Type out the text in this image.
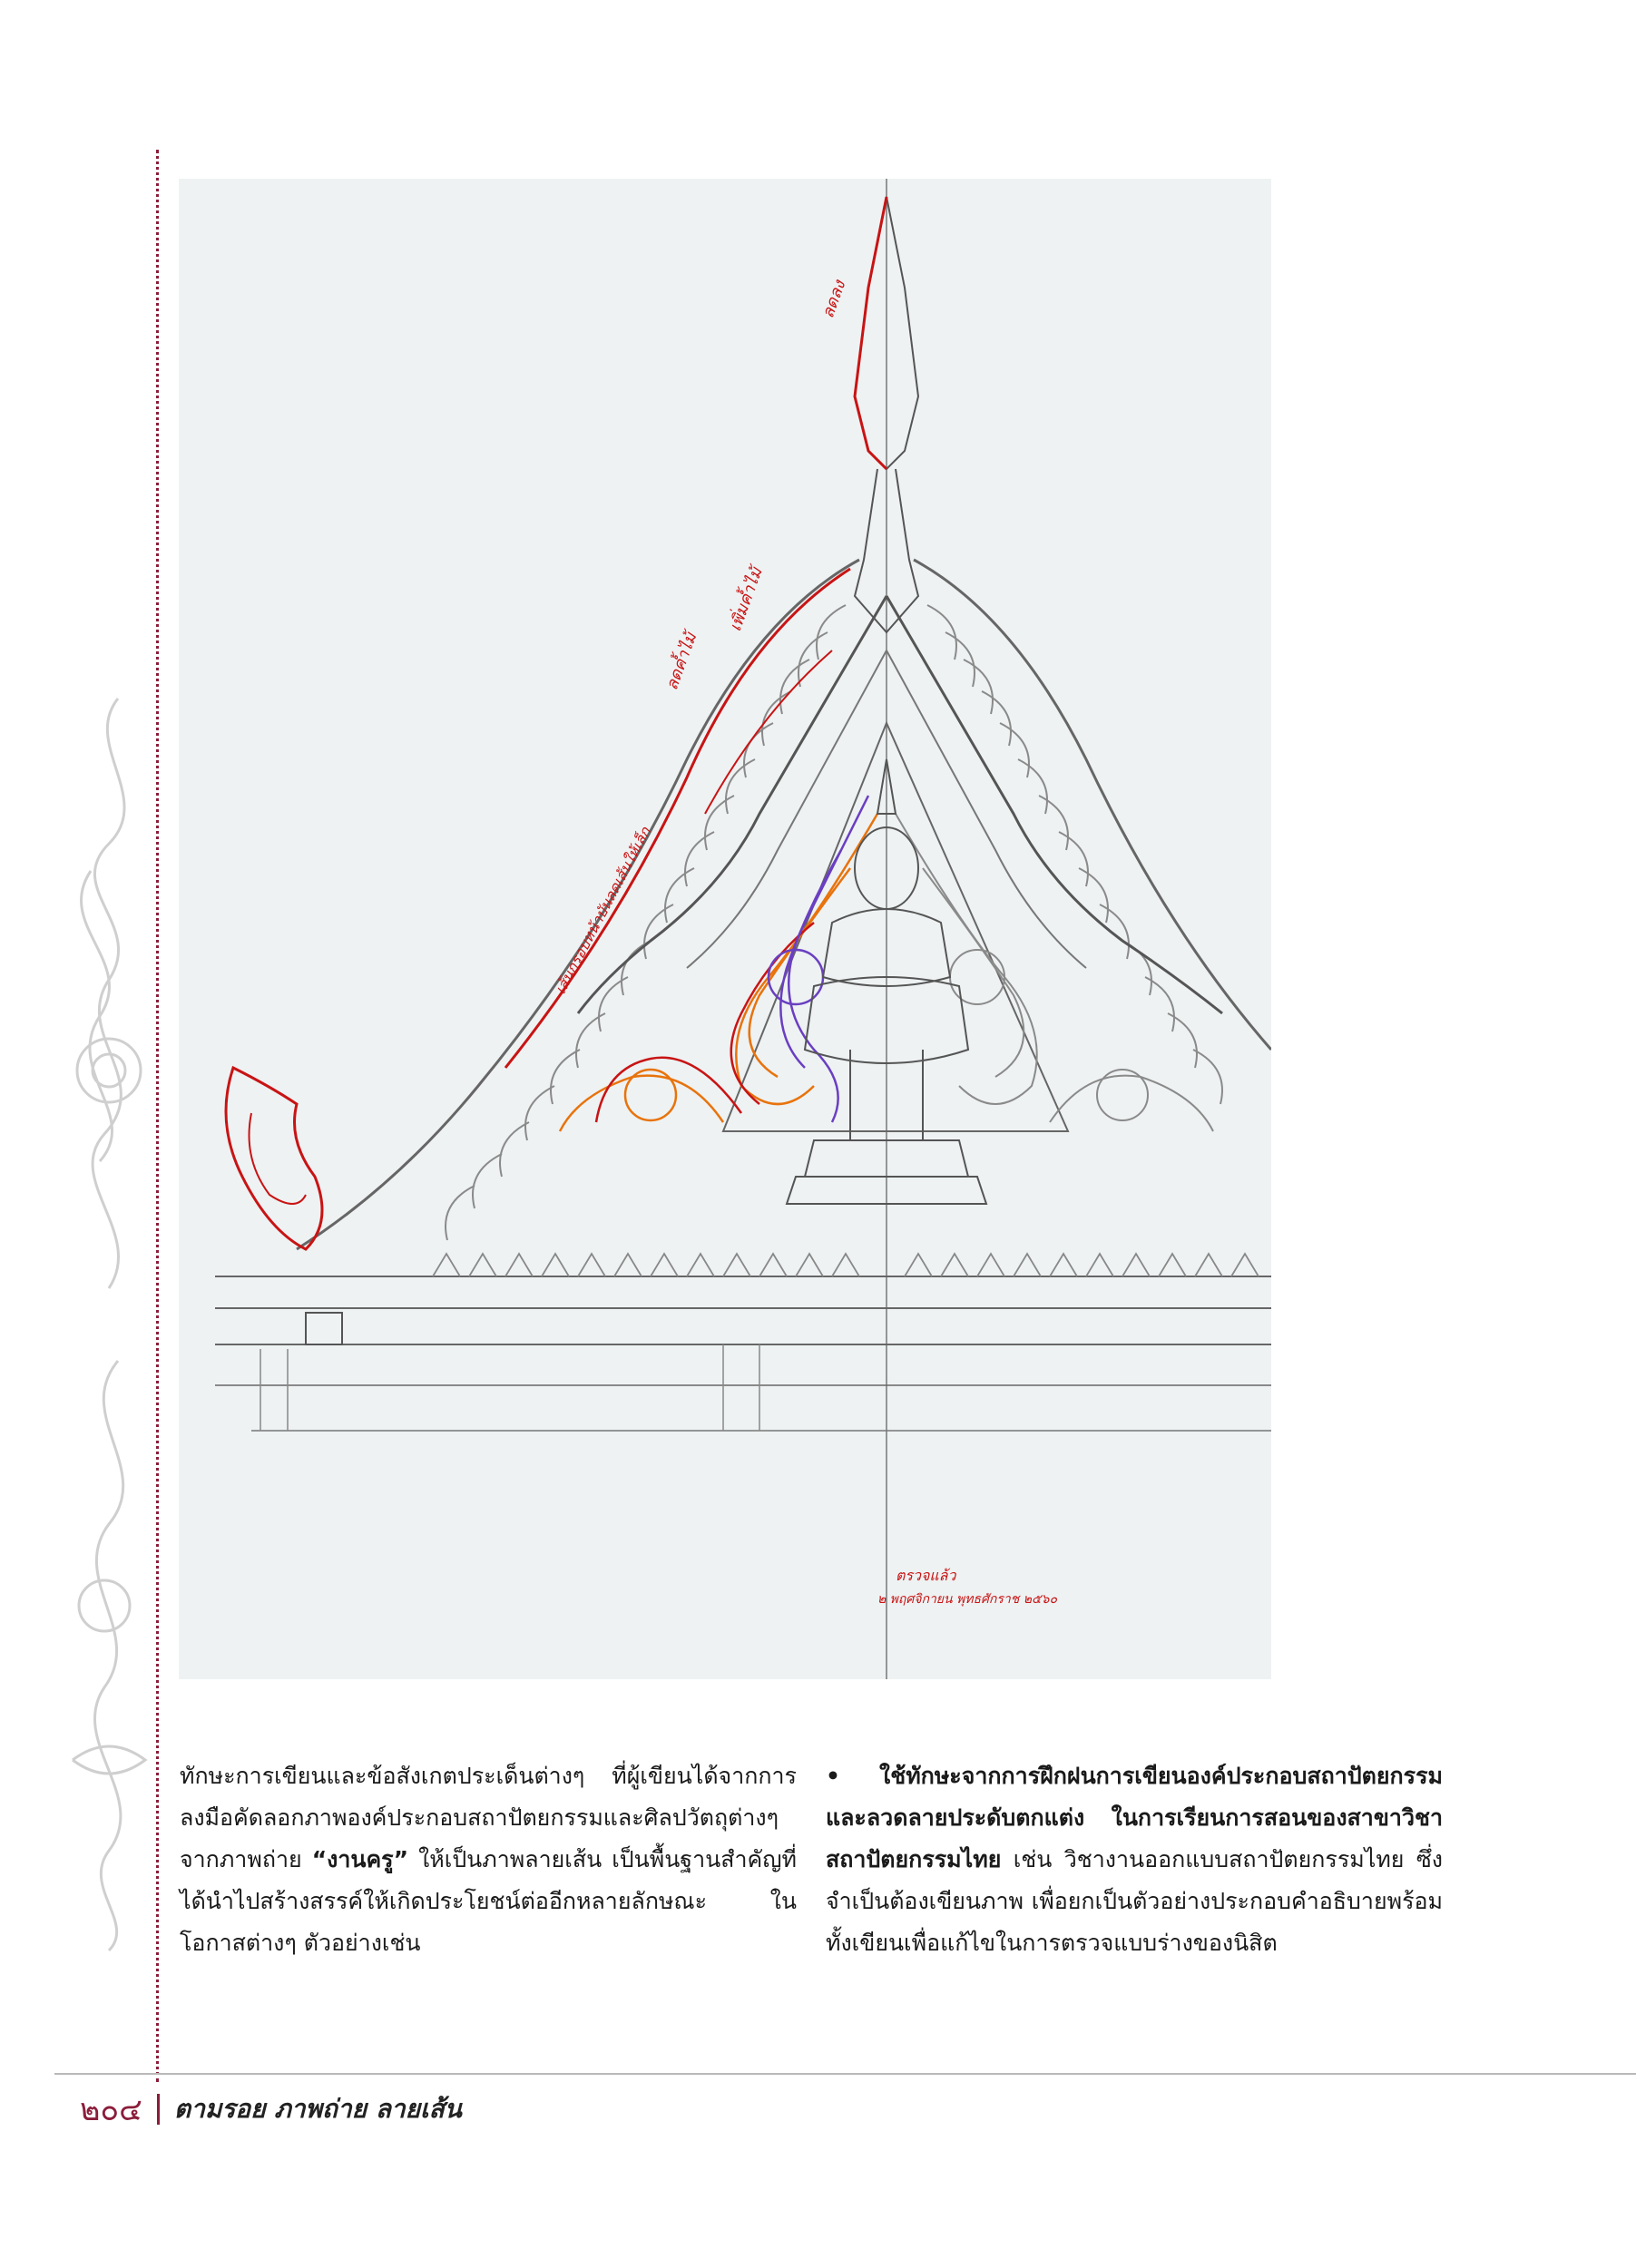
ลดลง
ลดค้ำไม้
เพิ่มค้ำไม้
เส้นกรอบหน้าบันลดเส้นให้เล็ก
ตรวจแล้ว
๒ พฤศจิกายน พุทธศักราช ๒๕๖๐

ทักษะการเขียนและข้อสังเกตประเด็นต่างๆ ที่ผู้เขียนได้จากการลงมือคัดลอกภาพองค์ประกอบสถาปัตยกรรมและศิลปวัตถุต่างๆ จากภาพถ่าย “งานครู” ให้เป็นภาพลายเส้น เป็นพื้นฐานสำคัญที่ได้นำไปสร้างสรรค์ให้เกิดประโยชน์ต่ออีกหลายลักษณะ ในโอกาสต่างๆ ตัวอย่างเช่น

• ใช้ทักษะจากการฝึกฝนการเขียนองค์ประกอบสถาปัตยกรรมและลวดลายประดับตกแต่ง ในการเรียนการสอนของสาขาวิชาสถาปัตยกรรมไทย เช่น วิชางานออกแบบสถาปัตยกรรมไทย ซึ่งจำเป็นต้องเขียนภาพ เพื่อยกเป็นตัวอย่างประกอบคำอธิบายพร้อมทั้งเขียนเพื่อแก้ไขในการตรวจแบบร่างของนิสิต

๒๐๔ ตามรอย ภาพถ่าย ลายเส้น
